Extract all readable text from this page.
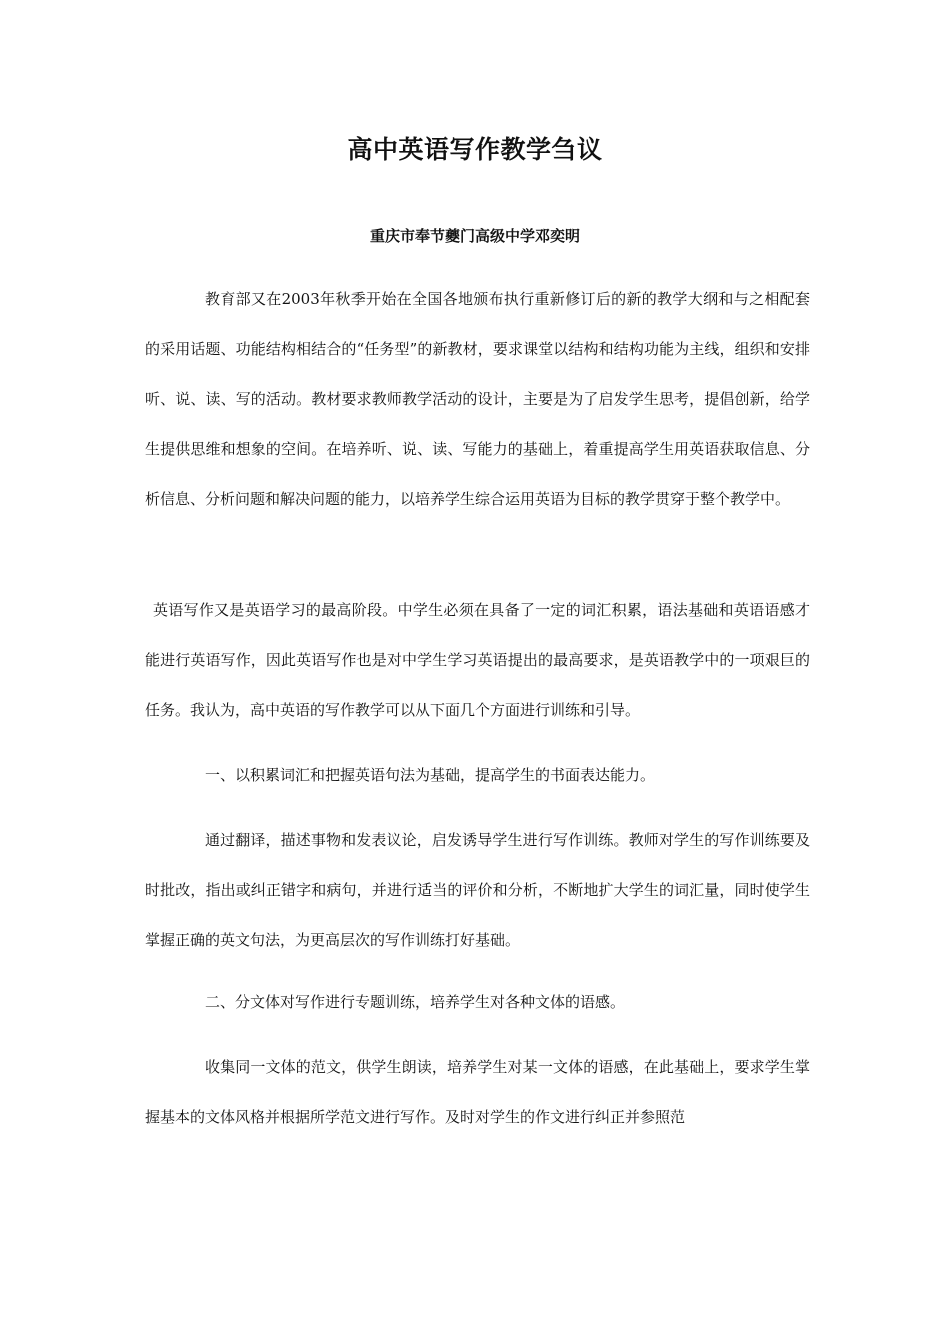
高中英语写作教学刍议
重庆市奉节夔门高级中学邓奕明

教育部又在2003年秋季开始在全国各地颁布执行重新修订后的新的教学大纲和与之相配套的采用话题、功能结构相结合的“任务型”的新教材，要求课堂以结构和结构功能为主线，组织和安排听、说、读、写的活动。教材要求教师教学活动的设计，主要是为了启发学生思考，提倡创新，给学生提供思维和想象的空间。在培养听、说、读、写能力的基础上，着重提高学生用英语获取信息、分析信息、分析问题和解决问题的能力，以培养学生综合运用英语为目标的教学贯穿于整个教学中。

英语写作又是英语学习的最高阶段。中学生必须在具备了一定的词汇积累，语法基础和英语语感才能进行英语写作，因此英语写作也是对中学生学习英语提出的最高要求，是英语教学中的一项艰巨的任务。我认为，高中英语的写作教学可以从下面几个方面进行训练和引导。

一、以积累词汇和把握英语句法为基础，提高学生的书面表达能力。

通过翻译，描述事物和发表议论，启发诱导学生进行写作训练。教师对学生的写作训练要及时批改，指出或纠正错字和病句，并进行适当的评价和分析，不断地扩大学生的词汇量，同时使学生掌握正确的英文句法，为更高层次的写作训练打好基础。

二、分文体对写作进行专题训练，培养学生对各种文体的语感。

收集同一文体的范文，供学生朗读，培养学生对某一文体的语感，在此基础上，要求学生掌握基本的文体风格并根据所学范文进行写作。及时对学生的作文进行纠正并参照范
